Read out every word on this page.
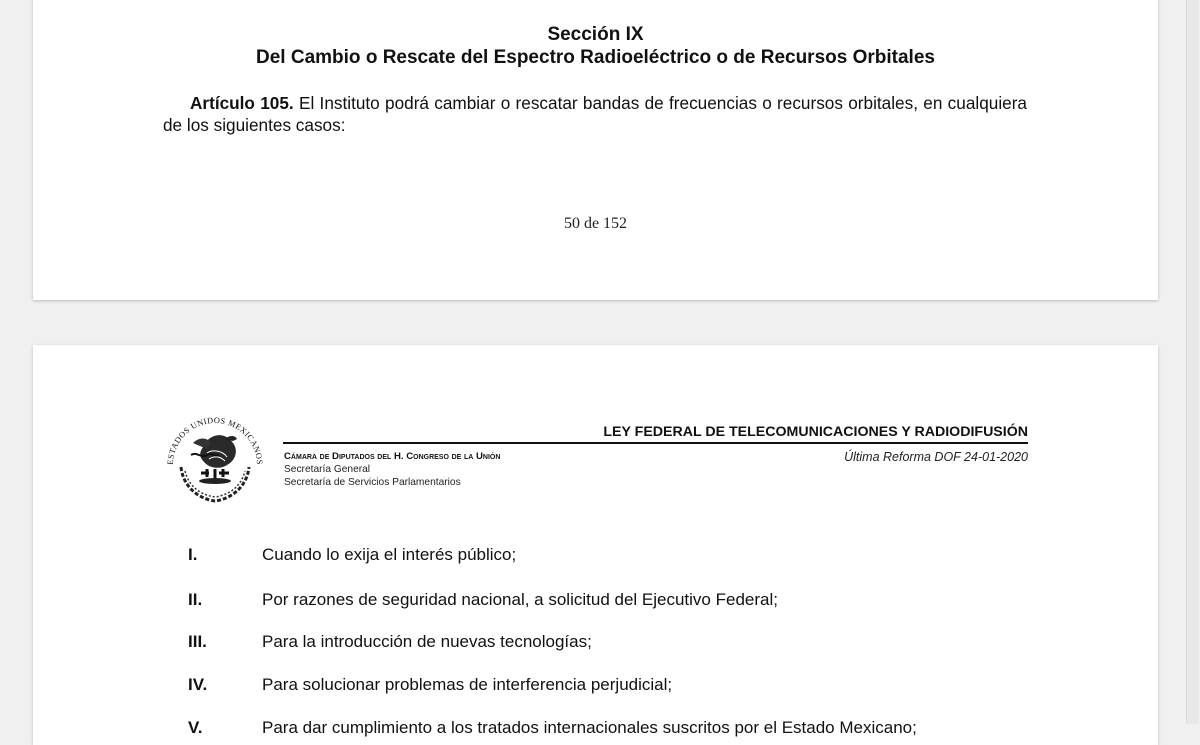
Sección IX
Del Cambio o Rescate del Espectro Radioeléctrico o de Recursos Orbitales
Artículo 105. El Instituto podrá cambiar o rescatar bandas de frecuencias o recursos orbitales, en cualquiera de los siguientes casos:
50 de 152
ESTADOS UNIDOS MEXICANOS
LEY FEDERAL DE TELECOMUNICACIONES Y RADIODIFUSIÓN
Cámara de Diputados del H. Congreso de la Unión	Última Reforma DOF 24-01-2020
Secretaría General
Secretaría de Servicios Parlamentarios
I.	Cuando lo exija el interés público;
II.	Por razones de seguridad nacional, a solicitud del Ejecutivo Federal;
III.	Para la introducción de nuevas tecnologías;
IV.	Para solucionar problemas de interferencia perjudicial;
V.	Para dar cumplimiento a los tratados internacionales suscritos por el Estado Mexicano;
